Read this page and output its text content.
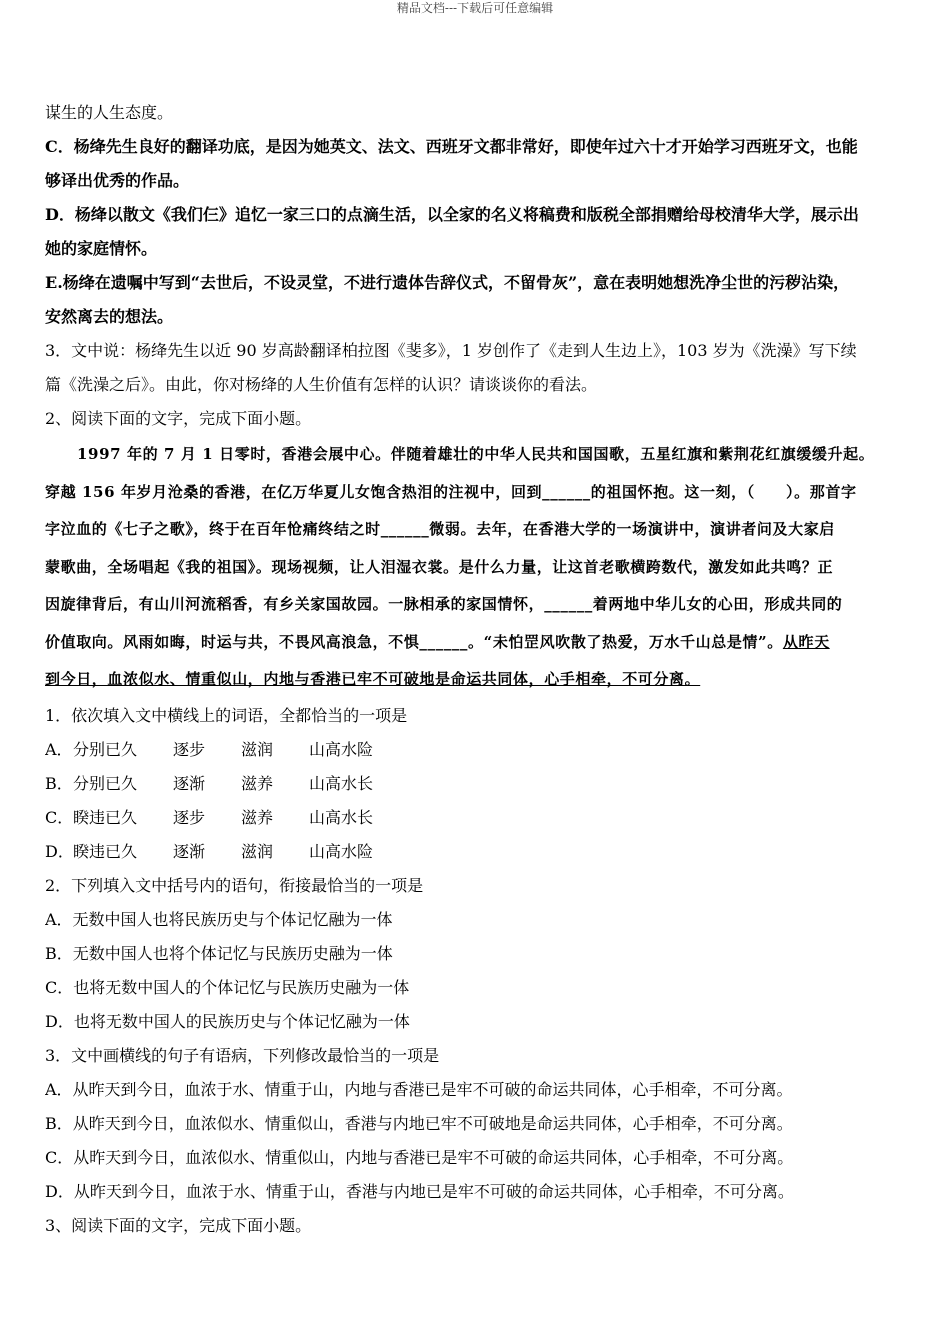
精品文档---下载后可任意编辑
谋生的人生态度。
C．杨绛先生良好的翻译功底，是因为她英文、法文、西班牙文都非常好，即使年过六十才开始学习西班牙文，也能
够译出优秀的作品。
D．杨绛以散文《我们仨》追忆一家三口的点滴生活，以全家的名义将稿费和版税全部捐赠给母校清华大学，展示出
她的家庭情怀。
E.杨绛在遗嘱中写到“去世后，不设灵堂，不进行遗体告辞仪式，不留骨灰”，意在表明她想洗净尘世的污秽沾染，
安然离去的想法。
3．文中说：杨绛先生以近 90 岁高龄翻译柏拉图《斐多》，1 岁创作了《走到人生边上》，103 岁为《洗澡》写下续
篇《洗澡之后》。由此，你对杨绛的人生价值有怎样的认识？请谈谈你的看法。
2、阅读下面的文字，完成下面小题。
1997 年的 7 月 1 日零时，香港会展中心。伴随着雄壮的中华人民共和国国歌，五星红旗和紫荆花红旗缓缓升起。
穿越 156 年岁月沧桑的香港，在亿万华夏儿女饱含热泪的注视中，回到______的祖国怀抱。这一刻，（　　）。那首字
字泣血的《七子之歌》，终于在百年怆痛终结之时______微弱。去年，在香港大学的一场演讲中，演讲者问及大家启
蒙歌曲，全场唱起《我的祖国》。现场视频，让人泪湿衣裳。是什么力量，让这首老歌横跨数代，激发如此共鸣？正
因旋律背后，有山川河流稻香，有乡关家国故园。一脉相承的家国情怀，______着两地中华儿女的心田，形成共同的
价值取向。风雨如晦，时运与共，不畏风高浪急，不惧______。“未怕罡风吹散了热爱，万水千山总是情”。从昨天
到今日，血浓似水、情重似山，内地与香港已牢不可破地是命运共同体，心手相牵，不可分离。
1．依次填入文中横线上的词语，全都恰当的一项是
A．分别已久 逐步 滋润 山高水险
B．分别已久 逐渐 滋养 山高水长
C．睽违已久 逐步 滋养 山高水长
D．睽违已久 逐渐 滋润 山高水险
2．下列填入文中括号内的语句，衔接最恰当的一项是
A．无数中国人也将民族历史与个体记忆融为一体
B．无数中国人也将个体记忆与民族历史融为一体
C．也将无数中国人的个体记忆与民族历史融为一体
D．也将无数中国人的民族历史与个体记忆融为一体
3．文中画横线的句子有语病，下列修改最恰当的一项是
A．从昨天到今日，血浓于水、情重于山，内地与香港已是牢不可破的命运共同体，心手相牵，不可分离。
B．从昨天到今日，血浓似水、情重似山，香港与内地已牢不可破地是命运共同体，心手相牵，不可分离。
C．从昨天到今日，血浓似水、情重似山，内地与香港已是牢不可破的命运共同体，心手相牵，不可分离。
D．从昨天到今日，血浓于水、情重于山，香港与内地已是牢不可破的命运共同体，心手相牵，不可分离。
3、阅读下面的文字，完成下面小题。
